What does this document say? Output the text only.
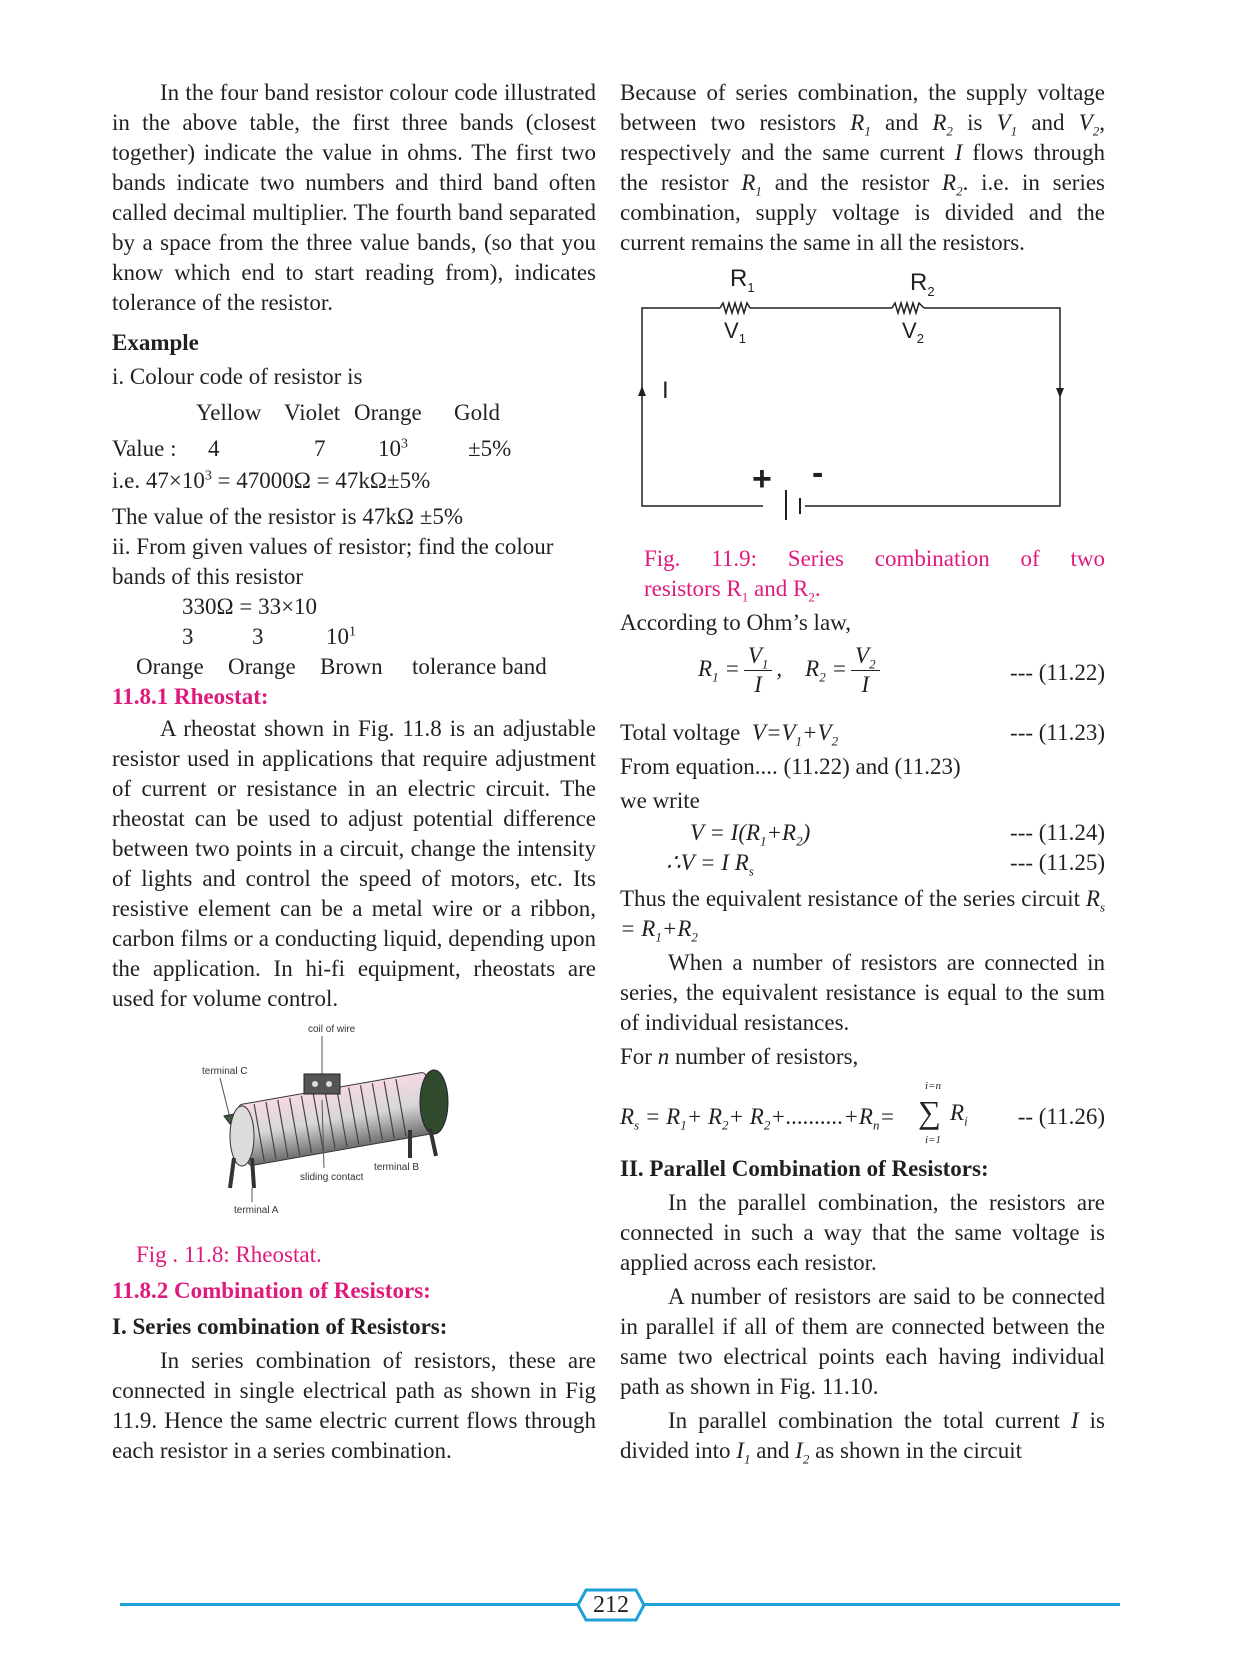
In the four band resistor colour code illustrated in the above table, the first three bands (closest together) indicate the value in ohms. The first two bands indicate two numbers and third band often called decimal multiplier. The fourth band separated by a space from the three value bands, (so that you know which end to start reading from), indicates tolerance of the resistor.

Example

i. Colour code of resistor is

Yellow Violet Orange Gold
Value : 4	7 $10^3$	±5%

i.e. $47\times 10^3 = 47000\Omega = 47k\Omega\pm 5\%$

The value of the resistor is 47kΩ ±5%

ii. From given values of resistor; find the colour bands of this resistor

330Ω = 33×10
3	3	$10^1$
Orange Orange Brown tolerance band

11.8.1 Rheostat:

A rheostat shown in Fig. 11.8 is an adjustable resistor used in applications that require adjustment of current or resistance in an electric circuit. The rheostat can be used to adjust potential difference between two points in a circuit, change the intensity of lights and control the speed of motors, etc. Its resistive element can be a metal wire or a ribbon, carbon films or a conducting liquid, depending upon the application. In hi-fi equipment, rheostats are used for volume control.

coil of wire
terminal C
sliding contact
terminal B
terminal A

Fig . 11.8: Rheostat.

11.8.2 Combination of Resistors:

I. Series combination of Resistors:

In series combination of resistors, these are connected in single electrical path as shown in Fig 11.9. Hence the same electric current flows through each resistor in a series combination.

Because of series combination, the supply voltage between two resistors $R_1$ and $R_2$ is $V_1$ and $V_2$, respectively and the same current I flows through the resistor $R_1$ and the resistor $R_2$. i.e. in series combination, supply voltage is divided and the current remains the same in all the resistors.

$R_1$	$R_2$
$V_1$	$V_2$
I
+ -

Fig. 11.9: Series combination of two

resistors $R_1$ and $R_2$.

According to Ohm’s law,

$R_1 = \frac{V_1}{I}$ ,    $R_2 = \frac{V_2}{I}$	--- (11.22)
Total voltage $V=V_1+V_2$	--- (11.23)

From equation.... (11.22) and (11.23)

we write

$V = I(R_1+R_2)$	--- (11.24)
∴V = I $R_s$	--- (11.25)

Thus the equivalent resistance of the series circuit $R_s = R_1+R_2$

When a number of resistors are connected in series, the equivalent resistance is equal to the sum of individual resistances.

For n number of resistors,

$R_s = R_1+ R_2+ R_2+..........+R_n=$
i=n
∑
i=1
$R_i -- (11.26)$

II. Parallel Combination of Resistors:

In the parallel combination, the resistors are connected in such a way that the same voltage is applied across each resistor.

A number of resistors are said to be connected in parallel if all of them are connected between the same two electrical points each having individual path as shown in Fig. 11.10.

In parallel combination the total current I is divided into $I_1$ and $I_2$ as shown in the circuit

212
